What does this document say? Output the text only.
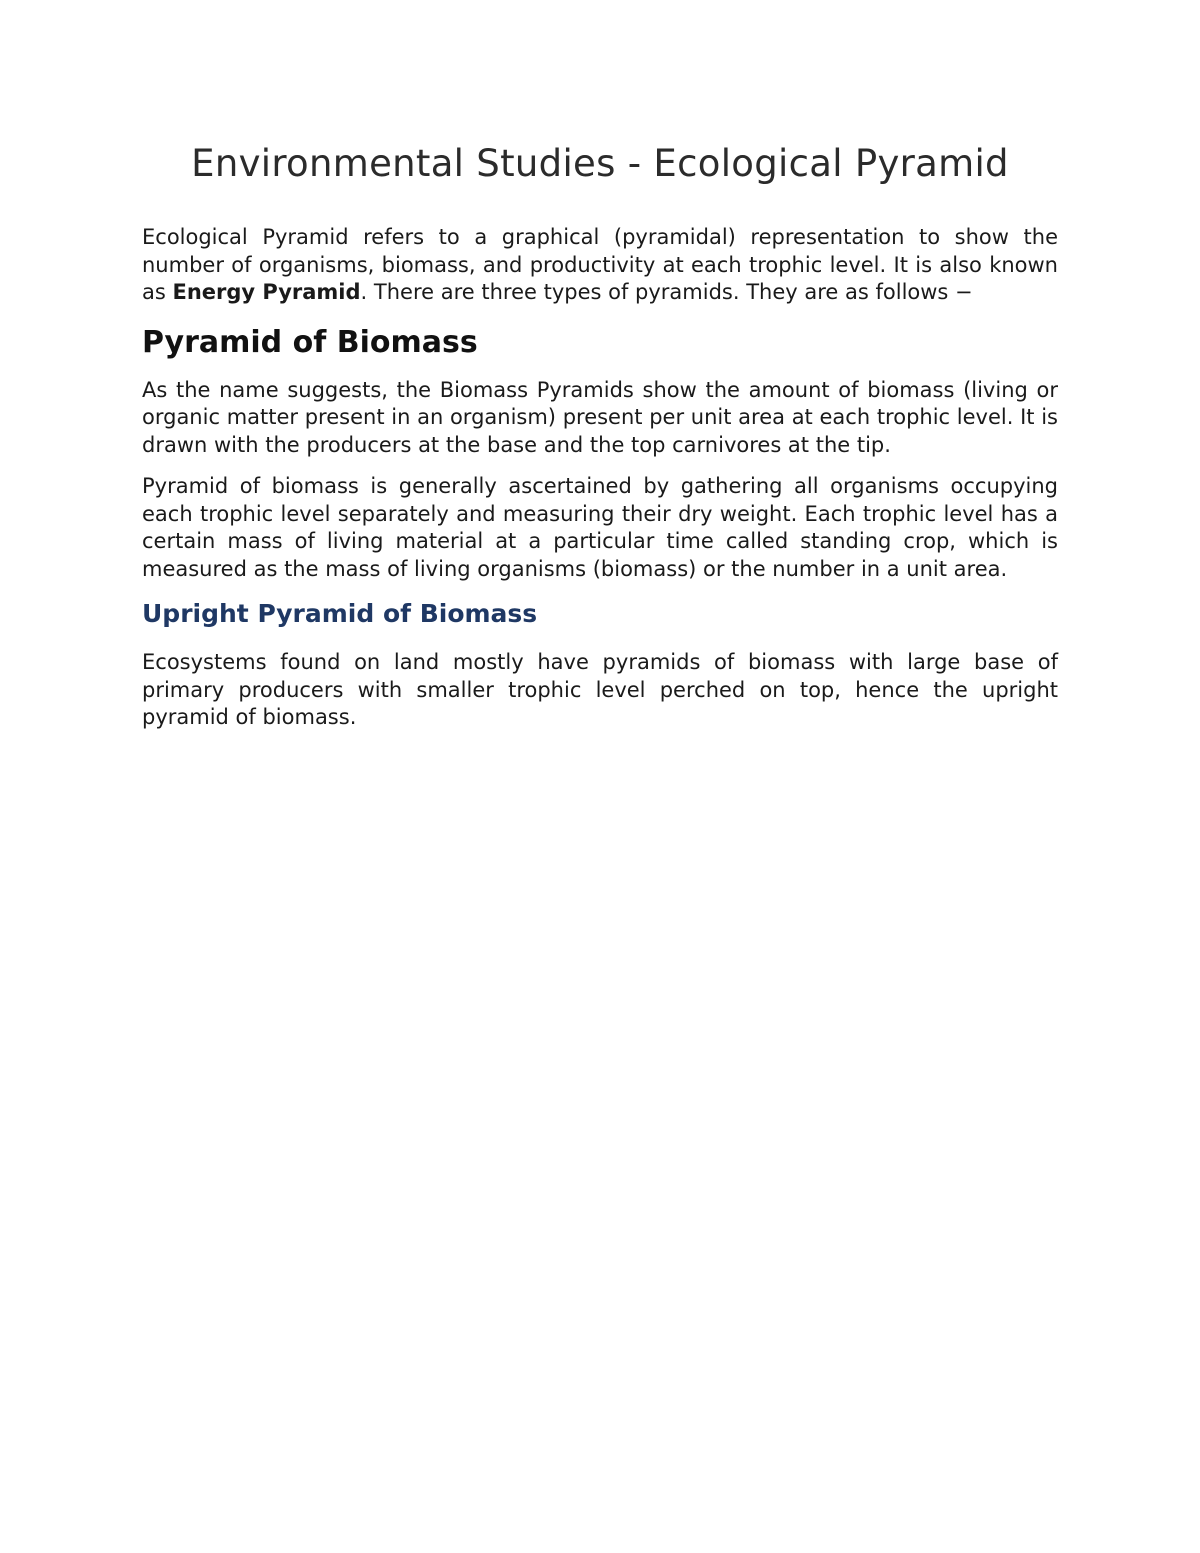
Environmental Studies - Ecological Pyramid

Ecological Pyramid refers to a graphical (pyramidal) representation to show the number of organisms, biomass, and productivity at each trophic level. It is also known as Energy Pyramid. There are three types of pyramids. They are as follows −

Pyramid of Biomass

As the name suggests, the Biomass Pyramids show the amount of biomass (living or organic matter present in an organism) present per unit area at each trophic level. It is drawn with the producers at the base and the top carnivores at the tip.

Pyramid of biomass is generally ascertained by gathering all organisms occupying each trophic level separately and measuring their dry weight. Each trophic level has a certain mass of living material at a particular time called standing crop, which is measured as the mass of living organisms (biomass) or the number in a unit area.

Upright Pyramid of Biomass

Ecosystems found on land mostly have pyramids of biomass with large base of primary producers with smaller trophic level perched on top, hence the upright pyramid of biomass.
